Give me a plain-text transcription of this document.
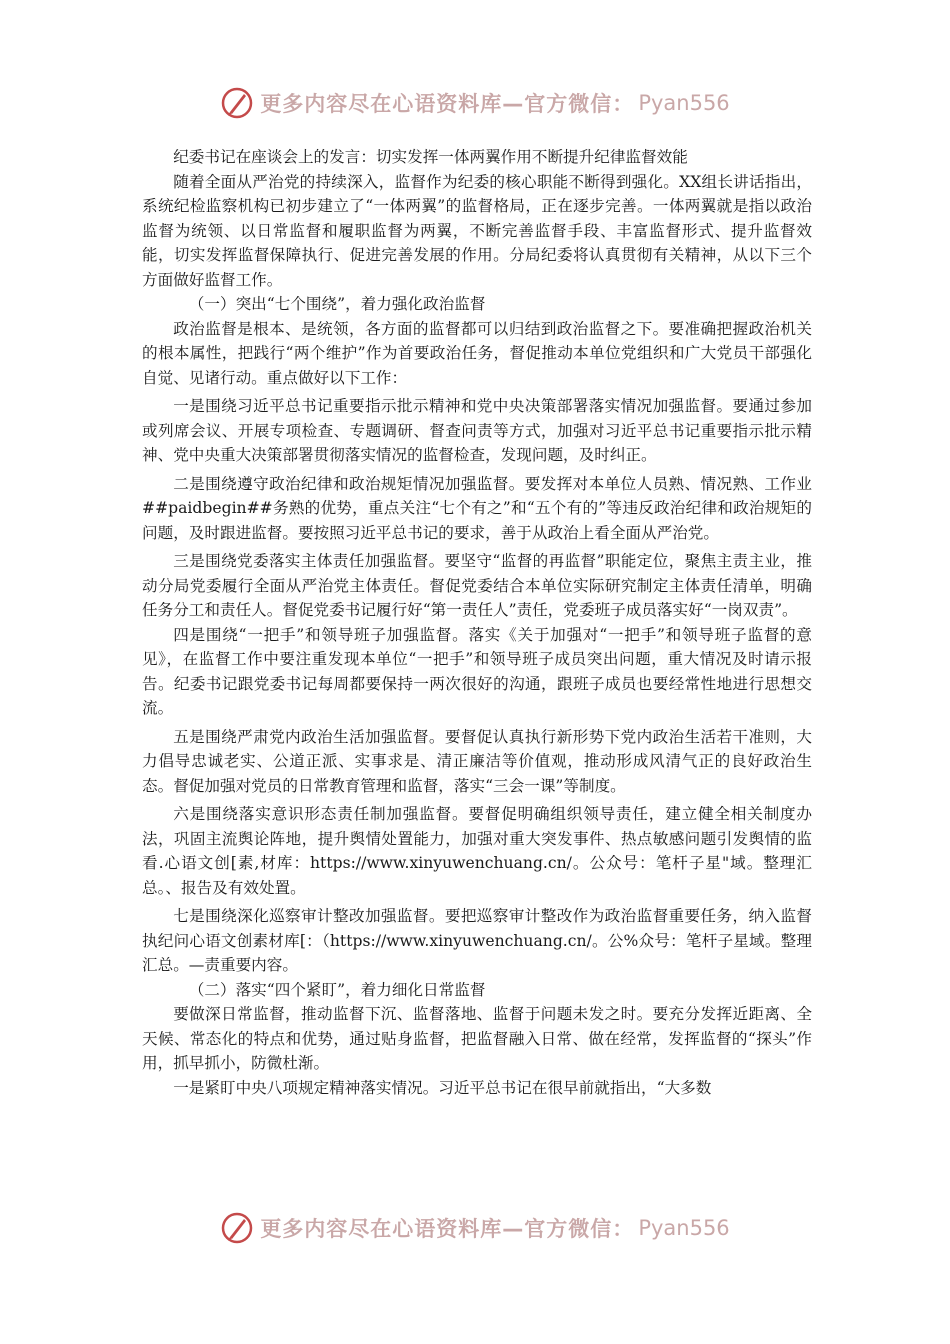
更多内容尽在心语资料库—官方微信： Pyan556

纪委书记在座谈会上的发言：切实发挥一体两翼作用不断提升纪律监督效能

随着全面从严治党的持续深入，监督作为纪委的核心职能不断得到强化。XX组长讲话指出，系统纪检监察机构已初步建立了“一体两翼”的监督格局，正在逐步完善。一体两翼就是指以政治监督为统领、以日常监督和履职监督为两翼，不断完善监督手段、丰富监督形式、提升监督效能，切实发挥监督保障执行、促进完善发展的作用。分局纪委将认真贯彻有关精神，从以下三个方面做好监督工作。

（一）突出“七个围绕”，着力强化政治监督

政治监督是根本、是统领，各方面的监督都可以归结到政治监督之下。要准确把握政治机关的根本属性，把践行“两个维护”作为首要政治任务，督促推动本单位党组织和广大党员干部强化自觉、见诸行动。重点做好以下工作：

一是围绕习近平总书记重要指示批示精神和党中央决策部署落实情况加强监督。要通过参加或列席会议、开展专项检查、专题调研、督查问责等方式，加强对习近平总书记重要指示批示精神、党中央重大决策部署贯彻落实情况的监督检查，发现问题，及时纠正。

二是围绕遵守政治纪律和政治规矩情况加强监督。要发挥对本单位人员熟、情况熟、工作业##paidbegin##务熟的优势，重点关注“七个有之”和“五个有的”等违反政治纪律和政治规矩的问题，及时跟进监督。要按照习近平总书记的要求，善于从政治上看全面从严治党。

三是围绕党委落实主体责任加强监督。要坚守“监督的再监督”职能定位，聚焦主责主业，推动分局党委履行全面从严治党主体责任。督促党委结合本单位实际研究制定主体责任清单，明确任务分工和责任人。督促党委书记履行好“第一责任人”责任，党委班子成员落实好“一岗双责”。

四是围绕“一把手”和领导班子加强监督。落实《关于加强对“一把手”和领导班子监督的意见》，在监督工作中要注重发现本单位“一把手”和领导班子成员突出问题，重大情况及时请示报告。纪委书记跟党委书记每周都要保持一两次很好的沟通，跟班子成员也要经常性地进行思想交流。

五是围绕严肃党内政治生活加强监督。要督促认真执行新形势下党内政治生活若干准则，大力倡导忠诚老实、公道正派、实事求是、清正廉洁等价值观，推动形成风清气正的良好政治生态。督促加强对党员的日常教育管理和监督，落实“三会一课”等制度。

六是围绕落实意识形态责任制加强监督。要督促明确组织领导责任，建立健全相关制度办法，巩固主流舆论阵地，提升舆情处置能力，加强对重大突发事件、热点敏感问题引发舆情的监看.心语文创[素,材库：https://www.xinyuwenchuang.cn/。公众号：笔杆子星"域。整理汇总。、报告及有效处置。

七是围绕深化巡察审计整改加强监督。要把巡察审计整改作为政治监督重要任务，纳入监督执纪问心语文创素材库[：（https://www.xinyuwenchuang.cn/。公%众号：笔杆子星域。整理汇总。—责重要内容。

（二）落实“四个紧盯”，着力细化日常监督

要做深日常监督，推动监督下沉、监督落地、监督于问题未发之时。要充分发挥近距离、全天候、常态化的特点和优势，通过贴身监督，把监督融入日常、做在经常，发挥监督的“探头”作用，抓早抓小，防微杜渐。

一是紧盯中央八项规定精神落实情况。习近平总书记在很早前就指出，“大多数

更多内容尽在心语资料库—官方微信： Pyan556
